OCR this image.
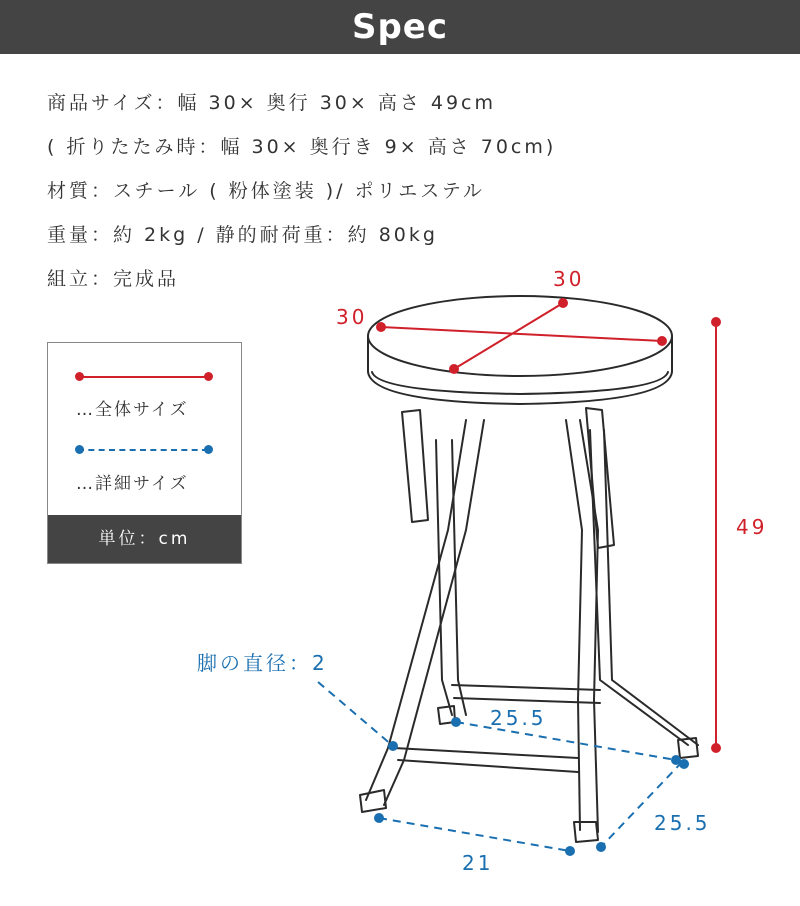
Spec
商品サイズ：幅 30× 奥行 30× 高さ 49cm
( 折りたたみ時：幅 30× 奥行き 9× 高さ 70cm)
材質：スチール ( 粉体塗装 )/ ポリエステル
重量：約 2kg / 静的耐荷重：約 80kg
組立：完成品
…全体サイズ
…詳細サイズ
単位：cm
30
30
49
脚の直径：2
25.5
25.5
21
